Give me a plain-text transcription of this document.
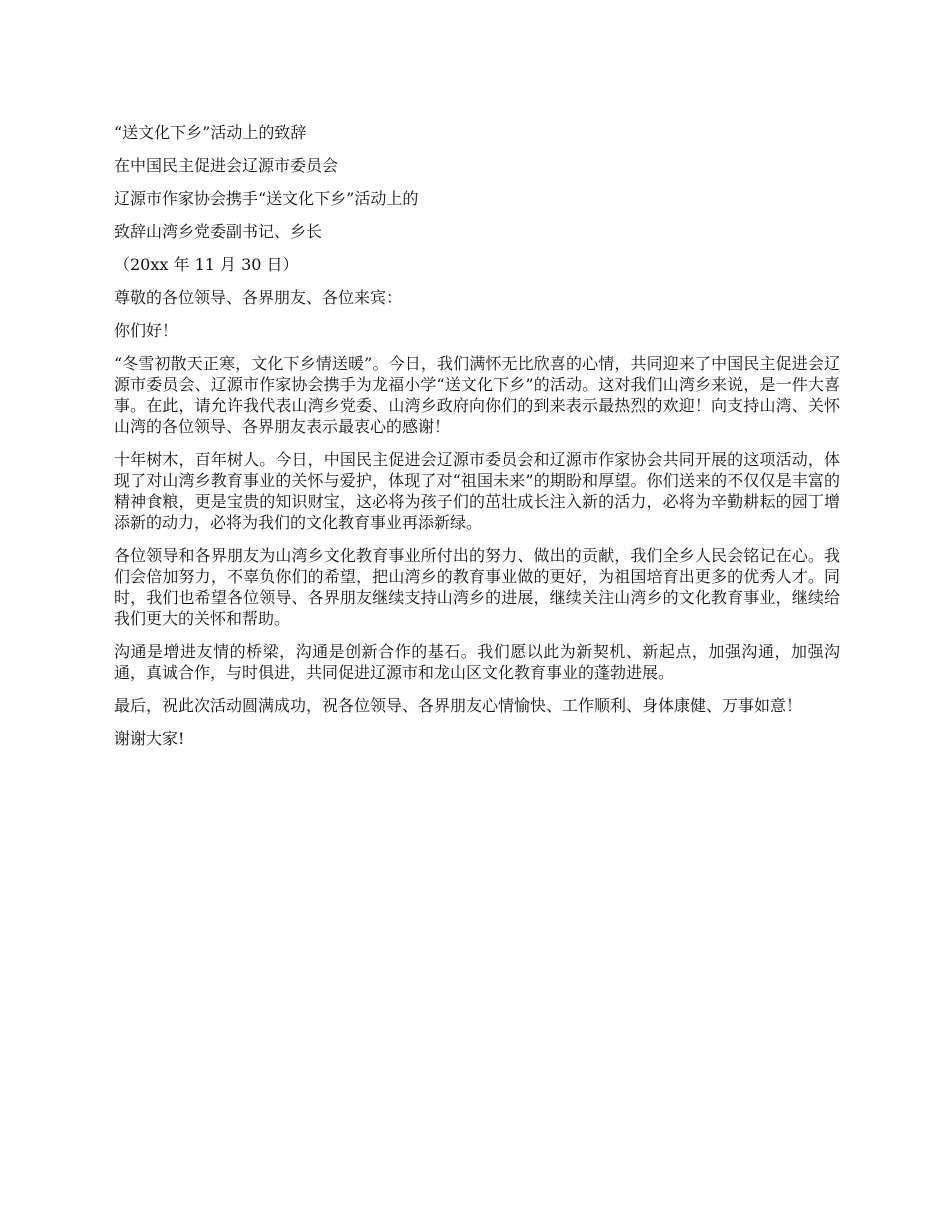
“送文化下乡”活动上的致辞

在中国民主促进会辽源市委员会

辽源市作家协会携手“送文化下乡”活动上的

致辞山湾乡党委副书记、乡长

（20xx 年 11 月 30 日）

尊敬的各位领导、各界朋友、各位来宾：

你们好！

“冬雪初散天正寒，文化下乡情送暖”。今日，我们满怀无比欣喜的心情，共同迎来了中国民主促进会辽源市委员会、辽源市作家协会携手为龙福小学“送文化下乡”的活动。这对我们山湾乡来说，是一件大喜事。在此，请允许我代表山湾乡党委、山湾乡政府向你们的到来表示最热烈的欢迎！向支持山湾、关怀山湾的各位领导、各界朋友表示最衷心的感谢！

十年树木，百年树人。今日，中国民主促进会辽源市委员会和辽源市作家协会共同开展的这项活动，体现了对山湾乡教育事业的关怀与爱护，体现了对“祖国未来”的期盼和厚望。你们送来的不仅仅是丰富的精神食粮，更是宝贵的知识财宝，这必将为孩子们的茁壮成长注入新的活力，必将为辛勤耕耘的园丁增添新的动力，必将为我们的文化教育事业再添新绿。

各位领导和各界朋友为山湾乡文化教育事业所付出的努力、做出的贡献，我们全乡人民会铭记在心。我们会倍加努力，不辜负你们的希望，把山湾乡的教育事业做的更好，为祖国培育出更多的优秀人才。同时，我们也希望各位领导、各界朋友继续支持山湾乡的进展，继续关注山湾乡的文化教育事业，继续给我们更大的关怀和帮助。

沟通是增进友情的桥梁，沟通是创新合作的基石。我们愿以此为新契机、新起点，加强沟通，加强沟通，真诚合作，与时俱进，共同促进辽源市和龙山区文化教育事业的蓬勃进展。

最后，祝此次活动圆满成功，祝各位领导、各界朋友心情愉快、工作顺利、身体康健、万事如意！

谢谢大家!
